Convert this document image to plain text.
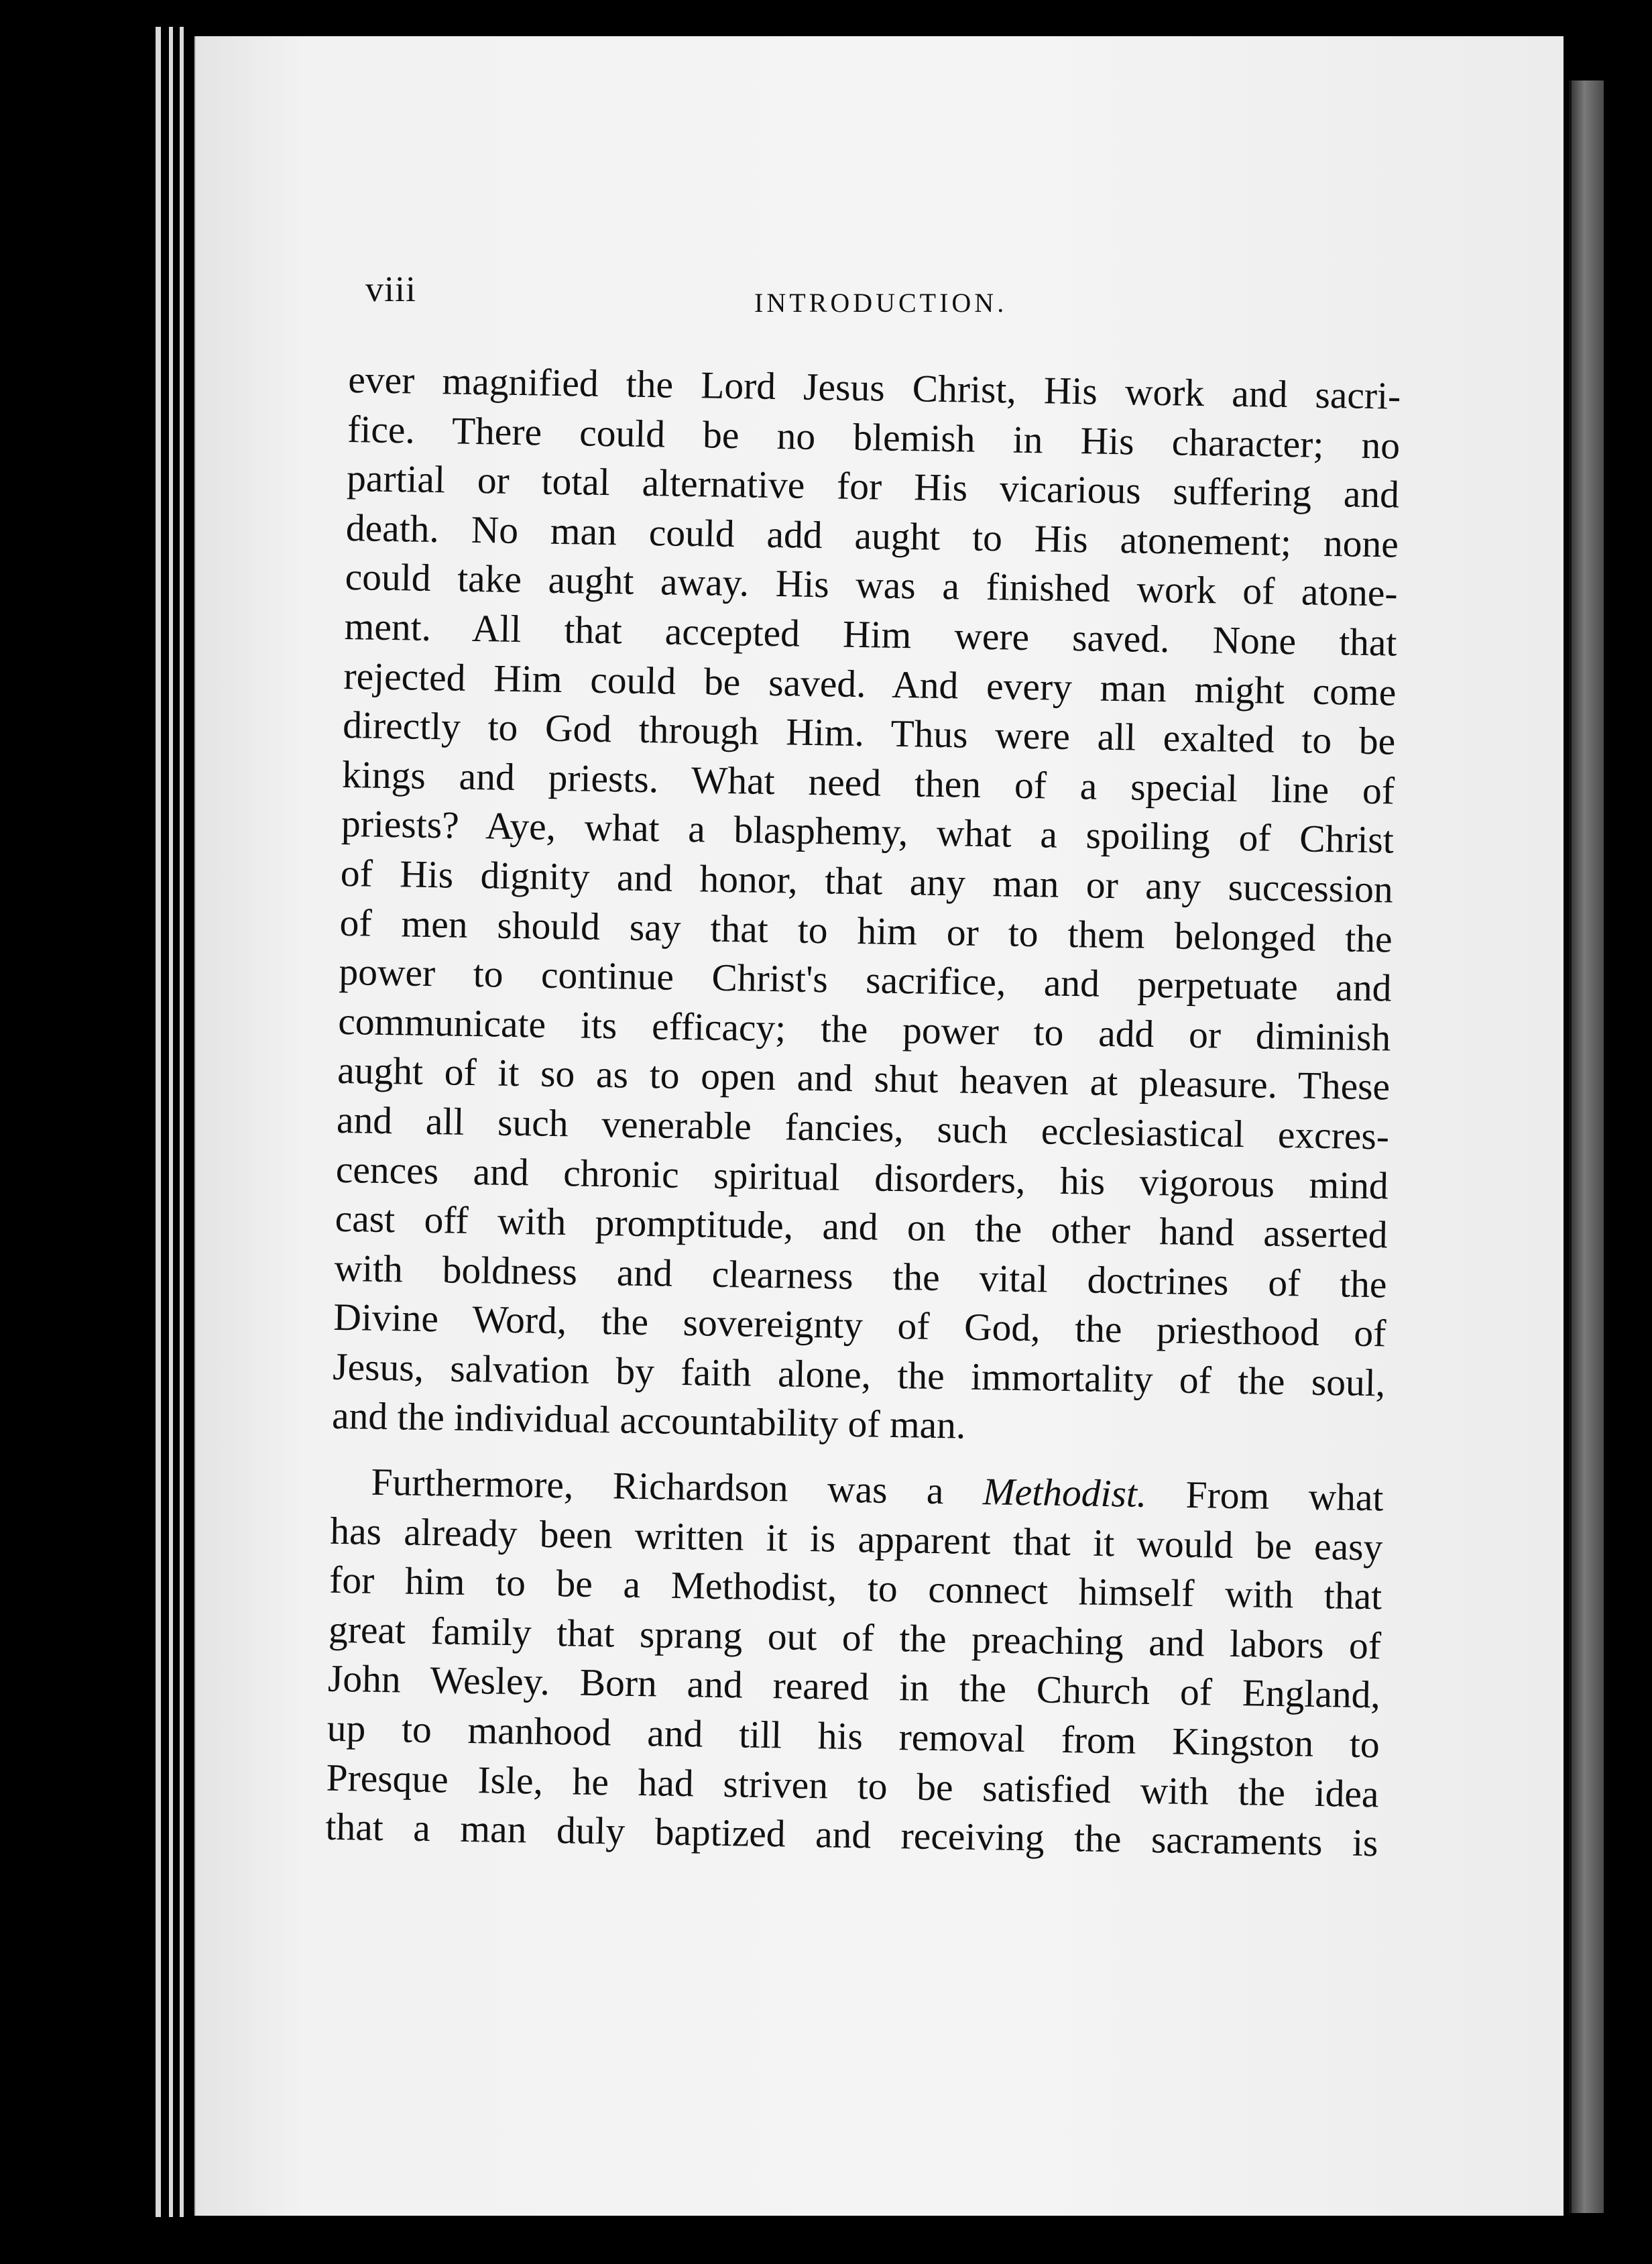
viii	INTRODUCTION.
ever magnified the Lord Jesus Christ, His work and sacri-
fice. There could be no blemish in His character; no
partial or total alternative for His vicarious suffering and
death. No man could add aught to His atonement; none
could take aught away. His was a finished work of atone-
ment. All that accepted Him were saved. None that
rejected Him could be saved. And every man might come
directly to God through Him. Thus were all exalted to be
kings and priests. What need then of a special line of
priests? Aye, what a blasphemy, what a spoiling of Christ
of His dignity and honor, that any man or any succession
of men should say that to him or to them belonged the
power to continue Christ's sacrifice, and perpetuate and
communicate its efficacy; the power to add or diminish
aught of it so as to open and shut heaven at pleasure. These
and all such venerable fancies, such ecclesiastical excres-
cences and chronic spiritual disorders, his vigorous mind
cast off with promptitude, and on the other hand asserted
with boldness and clearness the vital doctrines of the
Divine Word, the sovereignty of God, the priesthood of
Jesus, salvation by faith alone, the immortality of the soul,
and the individual accountability of man.
Furthermore, Richardson was a Methodist. From what
has already been written it is apparent that it would be easy
for him to be a Methodist, to connect himself with that
great family that sprang out of the preaching and labors of
John Wesley. Born and reared in the Church of England,
up to manhood and till his removal from Kingston to
Presque Isle, he had striven to be satisfied with the idea
that a man duly baptized and receiving the sacraments is
